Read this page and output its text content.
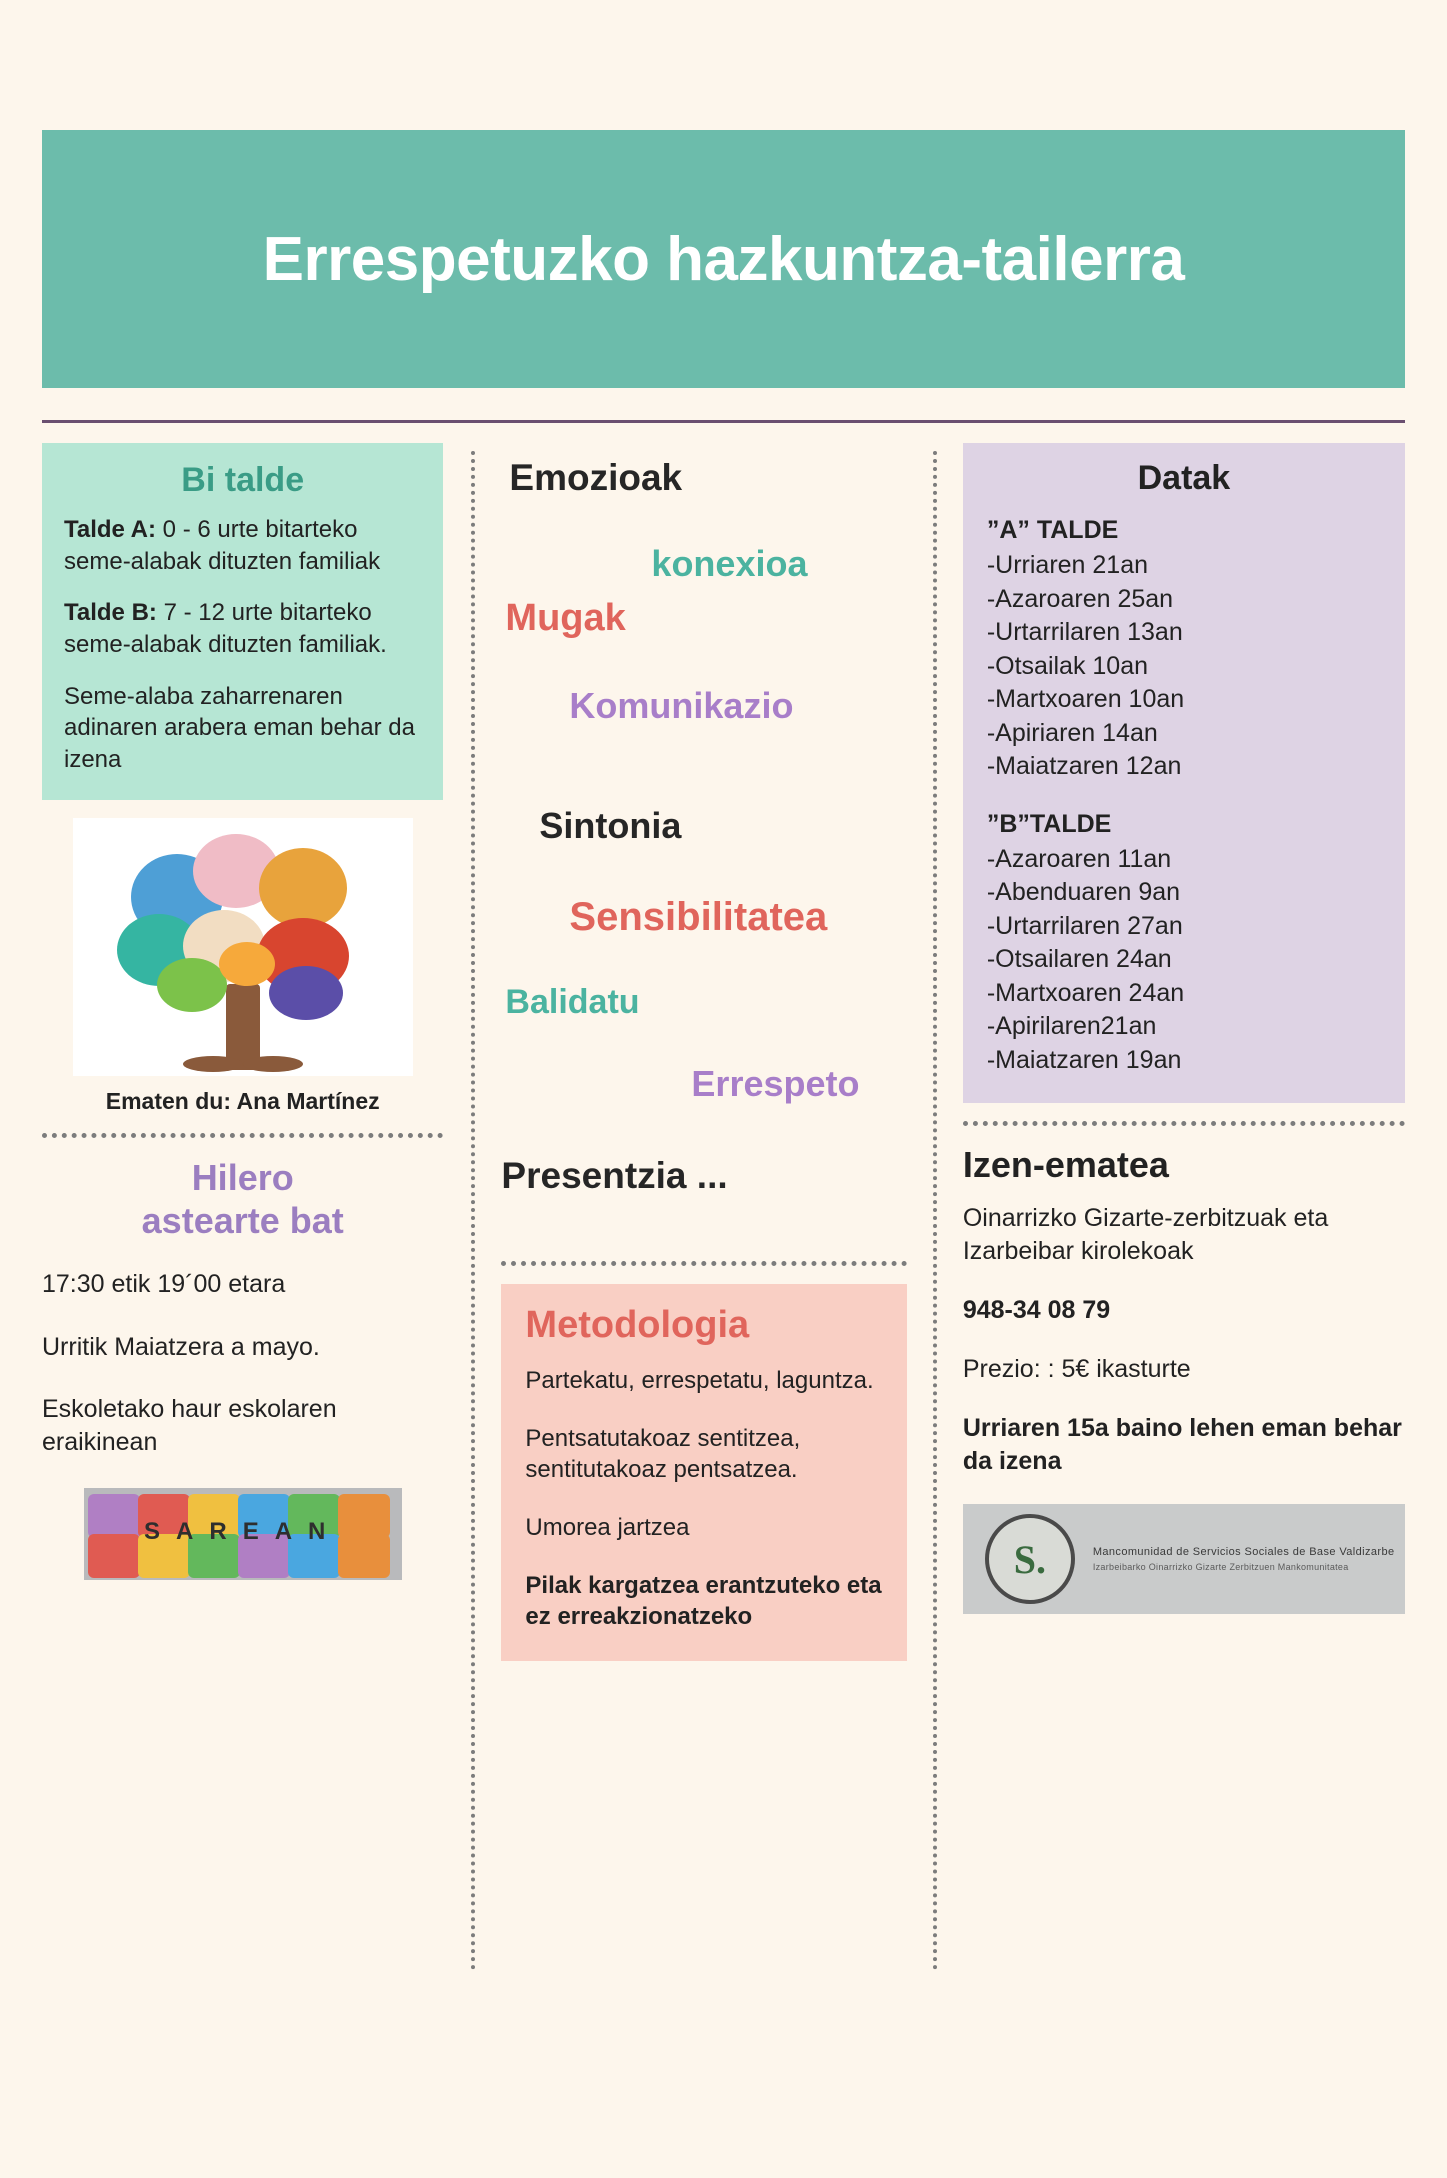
Errespetuzko hazkuntza-tailerra
Bi talde

Talde A: 0 - 6 urte bitarteko seme-alabak dituzten familiak

Talde B: 7 - 12 urte bitarteko seme-alabak dituzten familiak.

Seme-alaba zaharrenaren adinaren arabera eman behar da izena

Ematen du: Ana Martínez
Hilero
astearte bat

17:30 etik 19´00 etara

Urritik Maiatzera a mayo.

Eskoletako haur eskolaren eraikinean

SAREAN
Emozioak
konexioa
Mugak
Komunikazio
Sintonia
Sensibilitatea
Balidatu
Errespeto
Presentzia ...
Metodologia

Partekatu, errespetatu, laguntza.

Pentsatutakoaz sentitzea, sentitutakoaz pentsatzea.

Umorea jartzea

Pilak kargatzea erantzuteko eta ez erreakzionatzeko

Datak
”A” TALDE
-Urriaren 21an
-Azaroaren 25an
-Urtarrilaren 13an
-Otsailak 10an
-Martxoaren 10an
-Apiriaren 14an
-Maiatzaren 12an
”B”TALDE
-Azaroaren 11an
-Abenduaren 9an
-Urtarrilaren 27an
-Otsailaren 24an
-Martxoaren 24an
-Apirilaren21an
-Maiatzaren 19an
Izen-ematea

Oinarrizko Gizarte-zerbitzuak eta Izarbeibar kirolekoak

948-34 08 79

Prezio: : 5€ ikasturte

Urriaren 15a baino lehen eman behar da izena

S.	Mancomunidad de Servicios Sociales de Base Valdizarbe
Izarbeibarko Oinarrizko Gizarte Zerbitzuen Mankomunitatea
